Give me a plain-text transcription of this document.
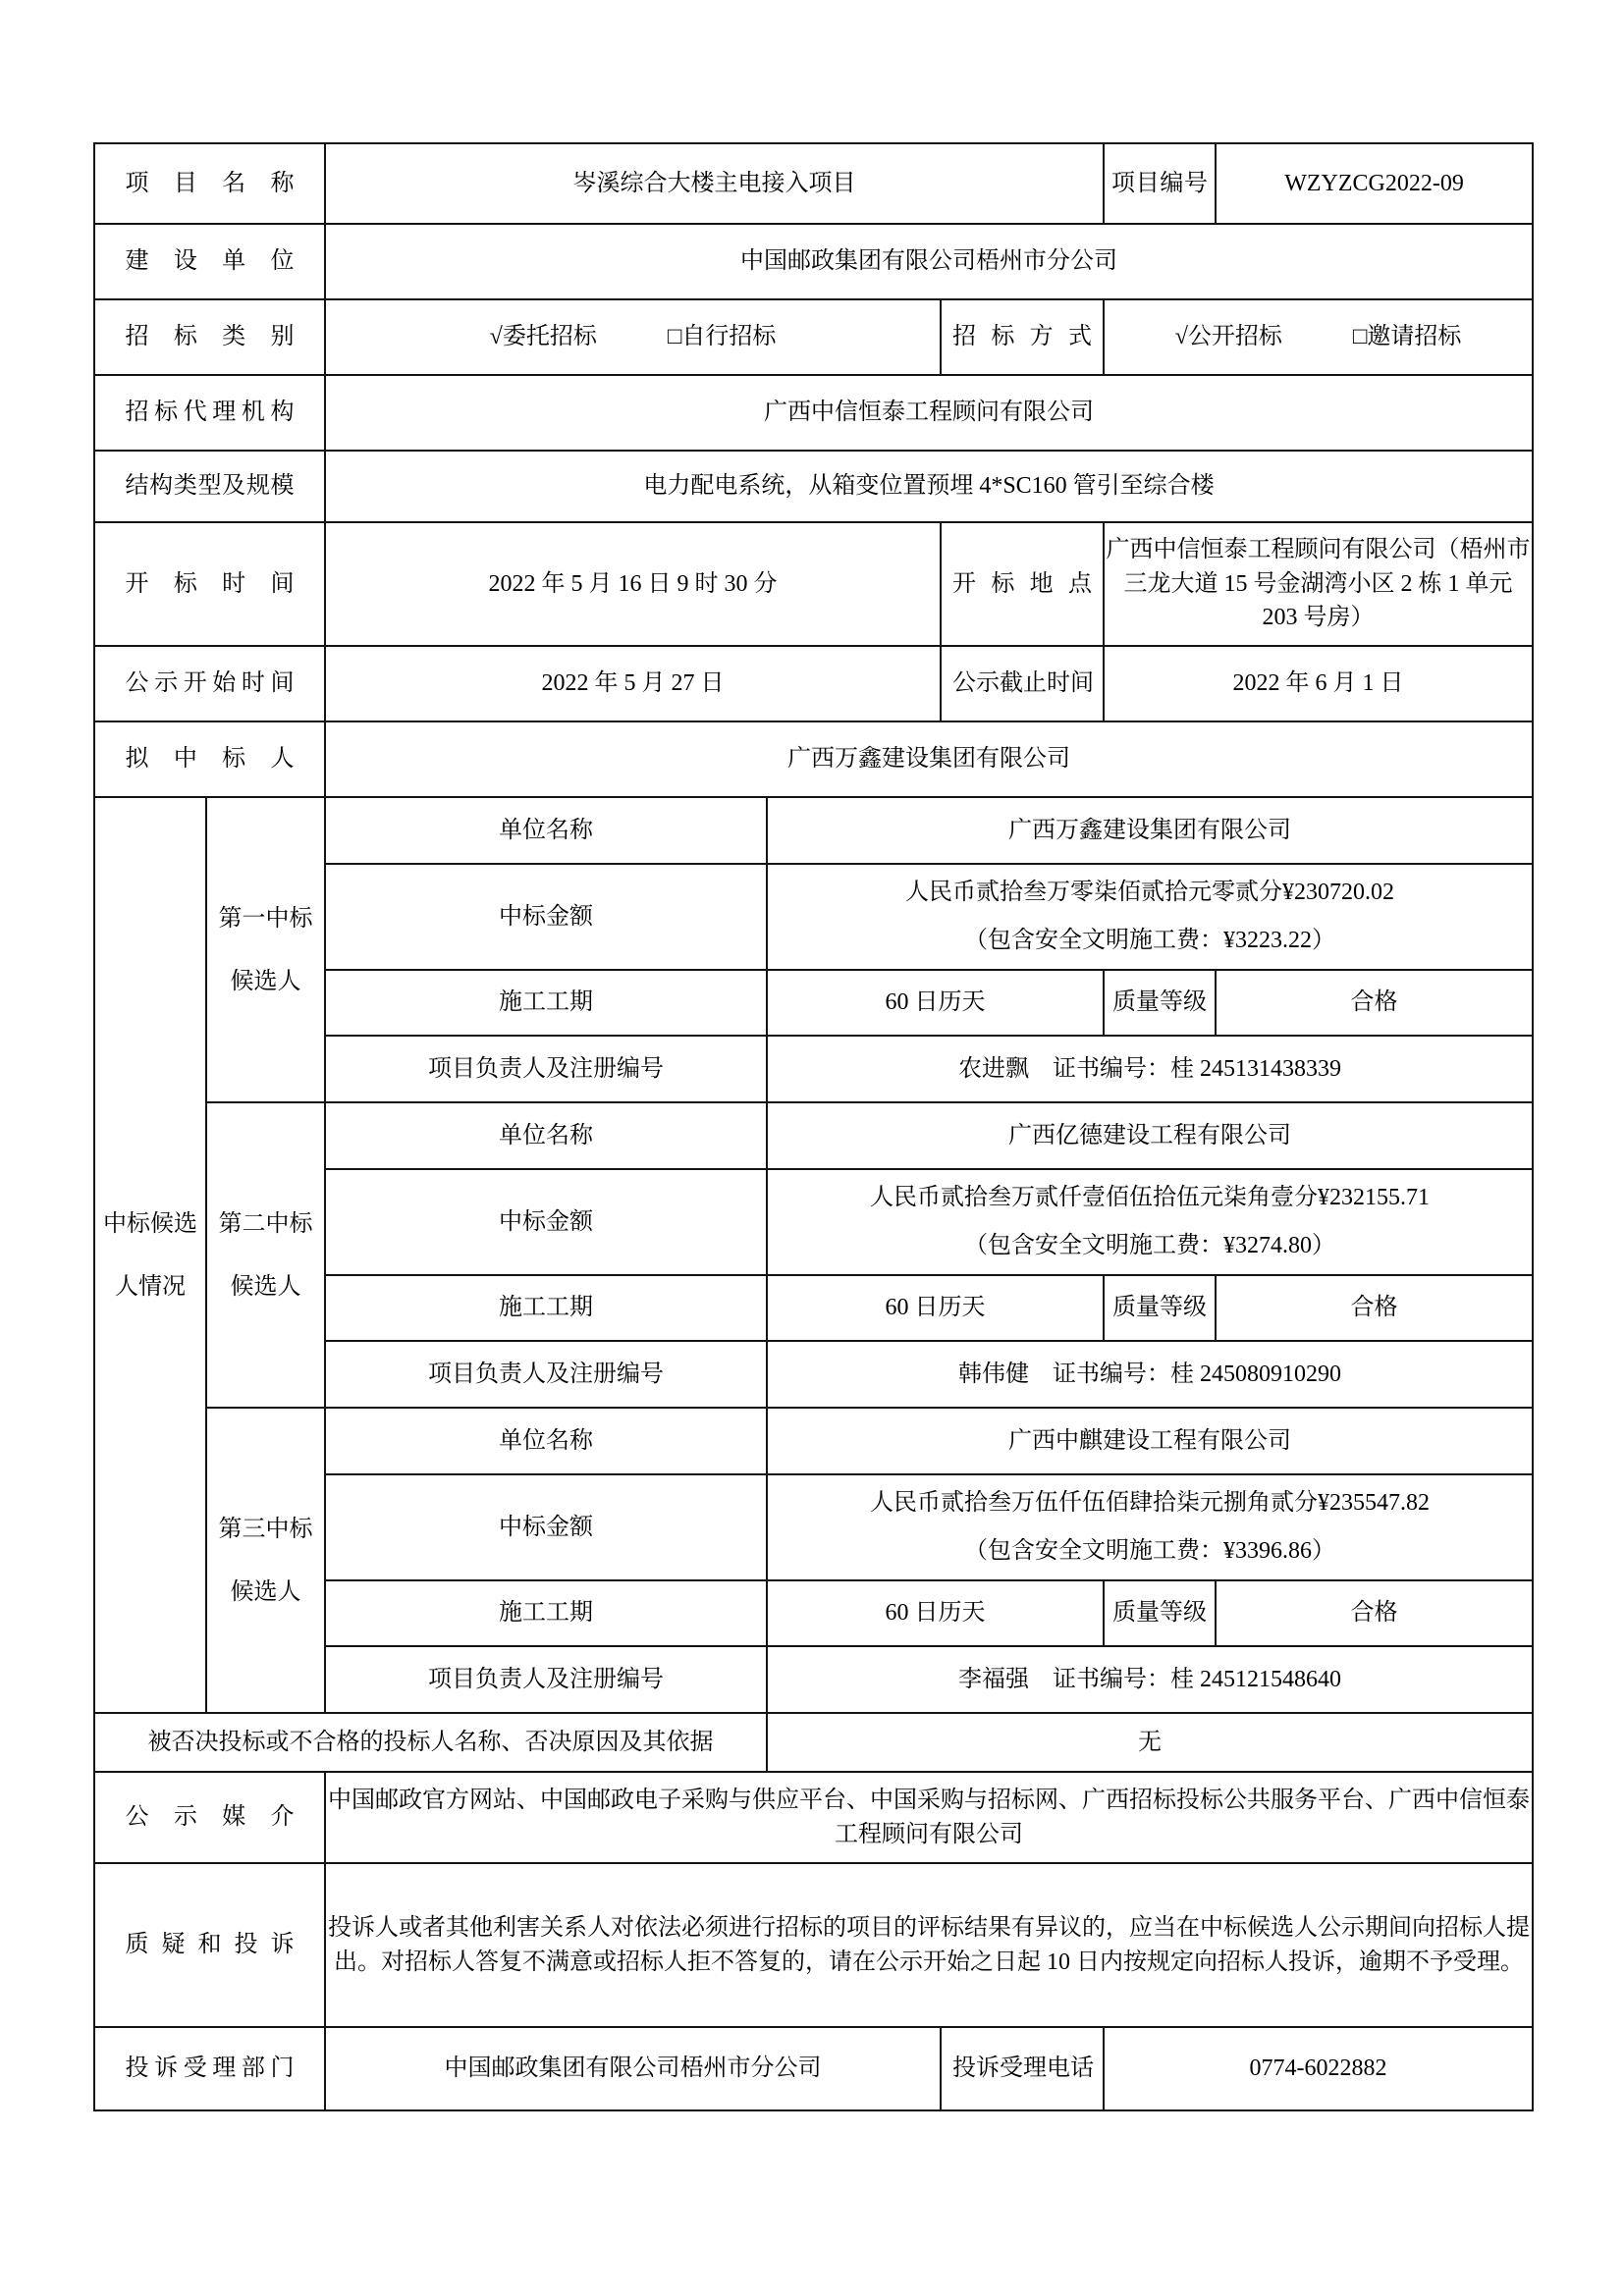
项目名称		岑溪综合大楼主电接入项目			项目编号	WZYZCG2022-09
建设单位		中国邮政集团有限公司梧州市分公司				
招标类别		√委托招标　　　□自行招标		招标方式	√公开招标　　　□邀请招标	
招标代理机构		广西中信恒泰工程顾问有限公司				
结构类型及规模		电力配电系统，从箱变位置预埋 4*SC160 管引至综合楼				
开标时间		2022 年 5 月 16 日 9 时 30 分		开标地点	广西中信恒泰工程顾问有限公司（梧州市三龙大道 15 号金湖湾小区 2 栋 1 单元 203 号房）	
公示开始时间		2022 年 5 月 27 日		公示截止时间	2022 年 6 月 1 日	
拟中标人		广西万鑫建设集团有限公司				

中标候选
人情况

第一中标
候选人
	单位名称	广西万鑫建设集团有限公司
		中标金额	人民币贰拾叁万零柒佰贰拾元零贰分¥230720.02
（包含安全文明施工费：¥3223.22）			

		施工工期	60 日历天		质量等级	合格
		项目负责人及注册编号	农进飘　证书编号：桂 245131438339			

	第二中标
候选人	单位名称	广西亿德建设工程有限公司			
		中标金额	人民币贰拾叁万贰仟壹佰伍拾伍元柒角壹分¥232155.71
（包含安全文明施工费：¥3274.80）			

		施工工期	60 日历天		质量等级	合格
		项目负责人及注册编号	韩伟健　证书编号：桂 245080910290			

	第三中标
候选人	单位名称	广西中麒建设工程有限公司			
		中标金额	人民币贰拾叁万伍仟伍佰肆拾柒元捌角贰分¥235547.82
（包含安全文明施工费：¥3396.86）			

		施工工期	60 日历天		质量等级	合格
		项目负责人及注册编号	李福强　证书编号：桂 245121548640			
被否决投标或不合格的投标人名称、否决原因及其依据			无			
公示媒介		中国邮政官方网站、中国邮政电子采购与供应平台、中国采购与招标网、广西招标投标公共服务平台、广西中信恒泰工程顾问有限公司				
质疑和投诉		投诉人或者其他利害关系人对依法必须进行招标的项目的评标结果有异议的，应当在中标候选人公示期间向招标人提出。对招标人答复不满意或招标人拒不答复的，请在公示开始之日起 10 日内按规定向招标人投诉，逾期不予受理。				
投诉受理部门		中国邮政集团有限公司梧州市分公司		投诉受理电话	0774-6022882	
